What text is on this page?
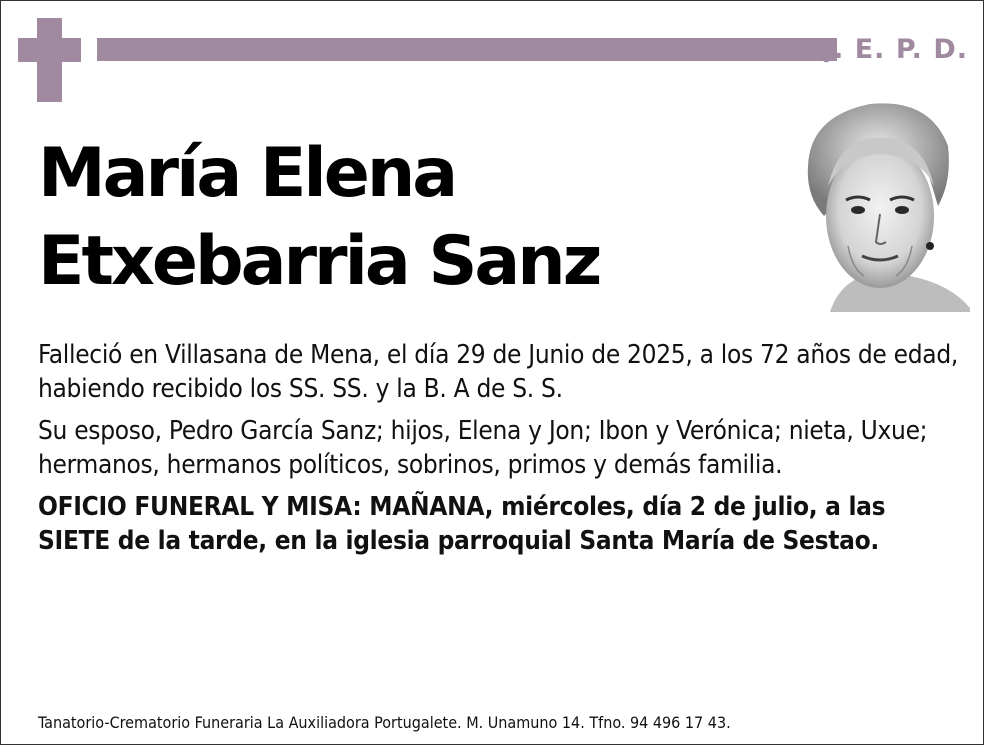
Q. E. P. D.
María Elena
Etxebarria Sanz

Falleció en Villasana de Mena, el día 29 de Junio de 2025, a los 72 años de edad, habiendo recibido los SS. SS. y la B. A de S. S.

Su esposo, Pedro García Sanz; hijos, Elena y Jon; Ibon y Verónica; nieta, Uxue; hermanos, hermanos políticos, sobrinos, primos y demás familia.

OFICIO FUNERAL Y MISA: MAÑANA, miércoles, día 2 de julio, a las SIETE de la tarde, en la iglesia parroquial Santa María de Sestao.

Tanatorio-Crematorio Funeraria La Auxiliadora Portugalete. M. Unamuno 14. Tfno. 94 496 17 43.
